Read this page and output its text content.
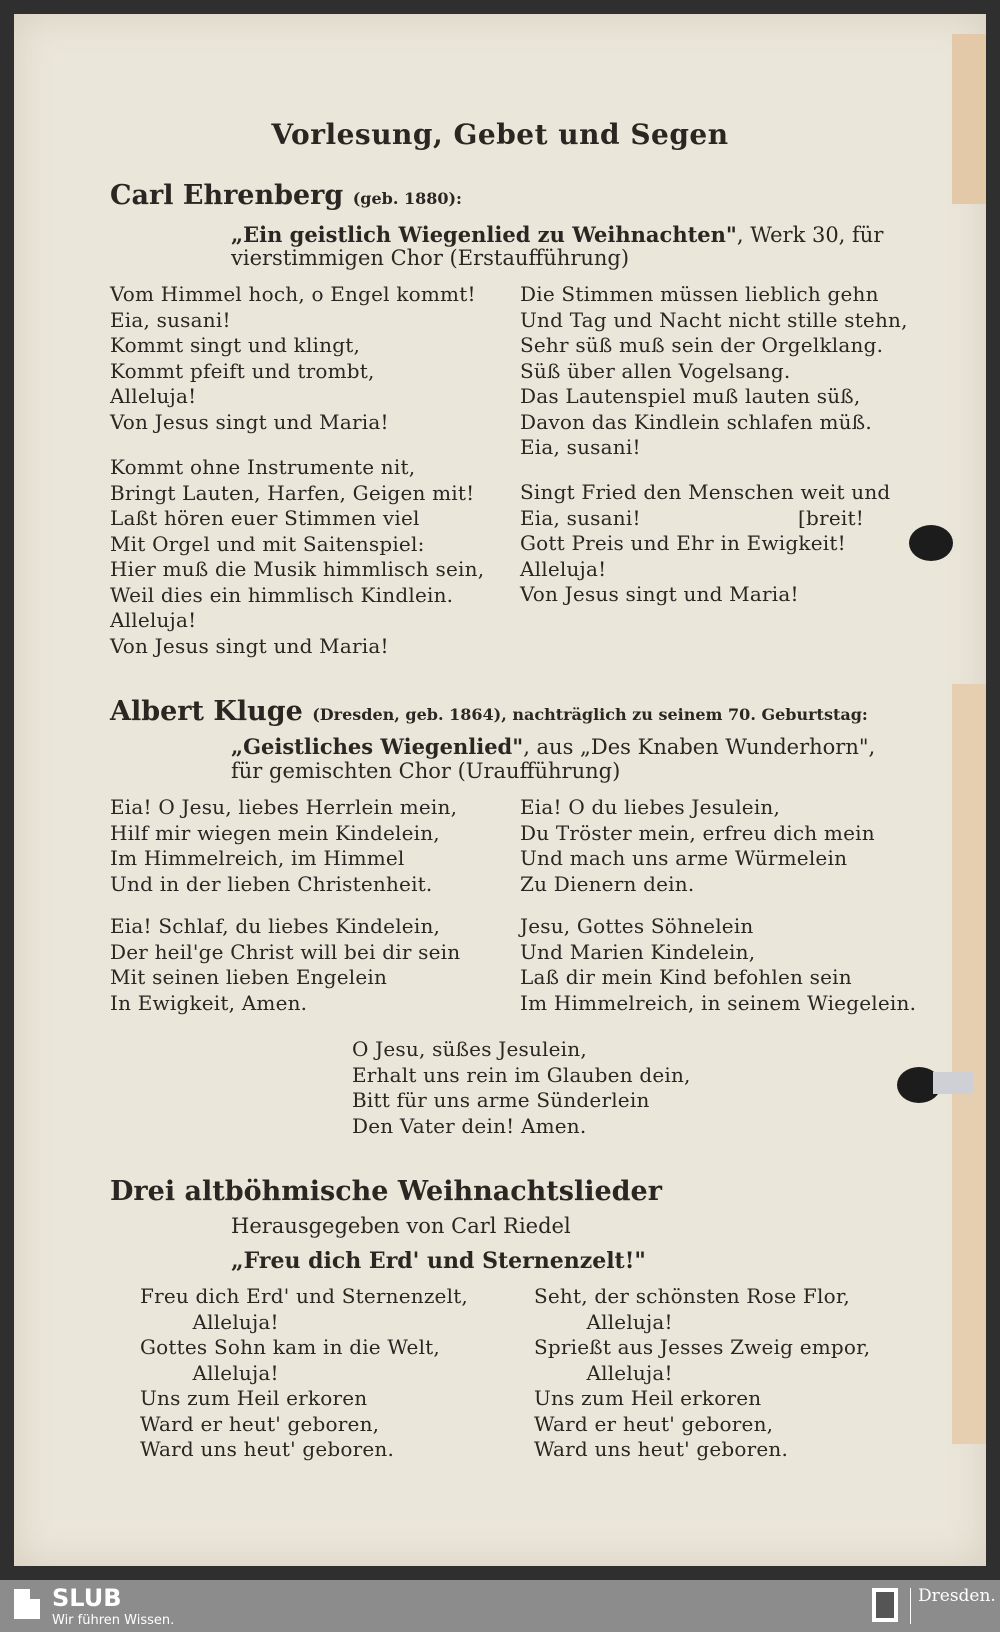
Vorlesung, Gebet und Segen
Carl Ehrenberg (geb. 1880):
„Ein geistlich Wiegenlied zu Weihnachten", Werk 30, für
vierstimmigen Chor (Erstaufführung)
Vom Himmel hoch, o Engel kommt!
Eia, susani!
Kommt singt und klingt,
Kommt pfeift und trombt,
Alleluja!
Von Jesus singt und Maria!
Kommt ohne Instrumente nit,
Bringt Lauten, Harfen, Geigen mit!
Laßt hören euer Stimmen viel
Mit Orgel und mit Saitenspiel:
Hier muß die Musik himmlisch sein,
Weil dies ein himmlisch Kindlein.
Alleluja!
Von Jesus singt und Maria!
Die Stimmen müssen lieblich gehn
Und Tag und Nacht nicht stille stehn,
Sehr süß muß sein der Orgelklang.
Süß über allen Vogelsang.
Das Lautenspiel muß lauten süß,
Davon das Kindlein schlafen müß.
Eia, susani!
Singt Fried den Menschen weit und
Eia, susani!                        [breit!
Gott Preis und Ehr in Ewigkeit!
Alleluja!
Von Jesus singt und Maria!
Albert Kluge (Dresden, geb. 1864), nachträglich zu seinem 70. Geburtstag:
„Geistliches Wiegenlied", aus „Des Knaben Wunderhorn",
für gemischten Chor (Uraufführung)
Eia! O Jesu, liebes Herrlein mein,
Hilf mir wiegen mein Kindelein,
Im Himmelreich, im Himmel
Und in der lieben Christenheit.
Eia! Schlaf, du liebes Kindelein,
Der heil'ge Christ will bei dir sein
Mit seinen lieben Engelein
In Ewigkeit, Amen.
Eia! O du liebes Jesulein,
Du Tröster mein, erfreu dich mein
Und mach uns arme Würmelein
Zu Dienern dein.
Jesu, Gottes Söhnelein
Und Marien Kindelein,
Laß dir mein Kind befohlen sein
Im Himmelreich, in seinem Wiegelein.
O Jesu, süßes Jesulein,
Erhalt uns rein im Glauben dein,
Bitt für uns arme Sünderlein
Den Vater dein! Amen.
Drei altböhmische Weihnachtslieder
Herausgegeben von Carl Riedel
„Freu dich Erd' und Sternenzelt!"
Freu dich Erd' und Sternenzelt,
Alleluja!
Gottes Sohn kam in die Welt,
Alleluja!
Uns zum Heil erkoren
Ward er heut' geboren,
Ward uns heut' geboren.
Seht, der schönsten Rose Flor,
Alleluja!
Sprießt aus Jesses Zweig empor,
Alleluja!
Uns zum Heil erkoren
Ward er heut' geboren,
Ward uns heut' geboren.
SLUB
Wir führen Wissen.
Dresden.
